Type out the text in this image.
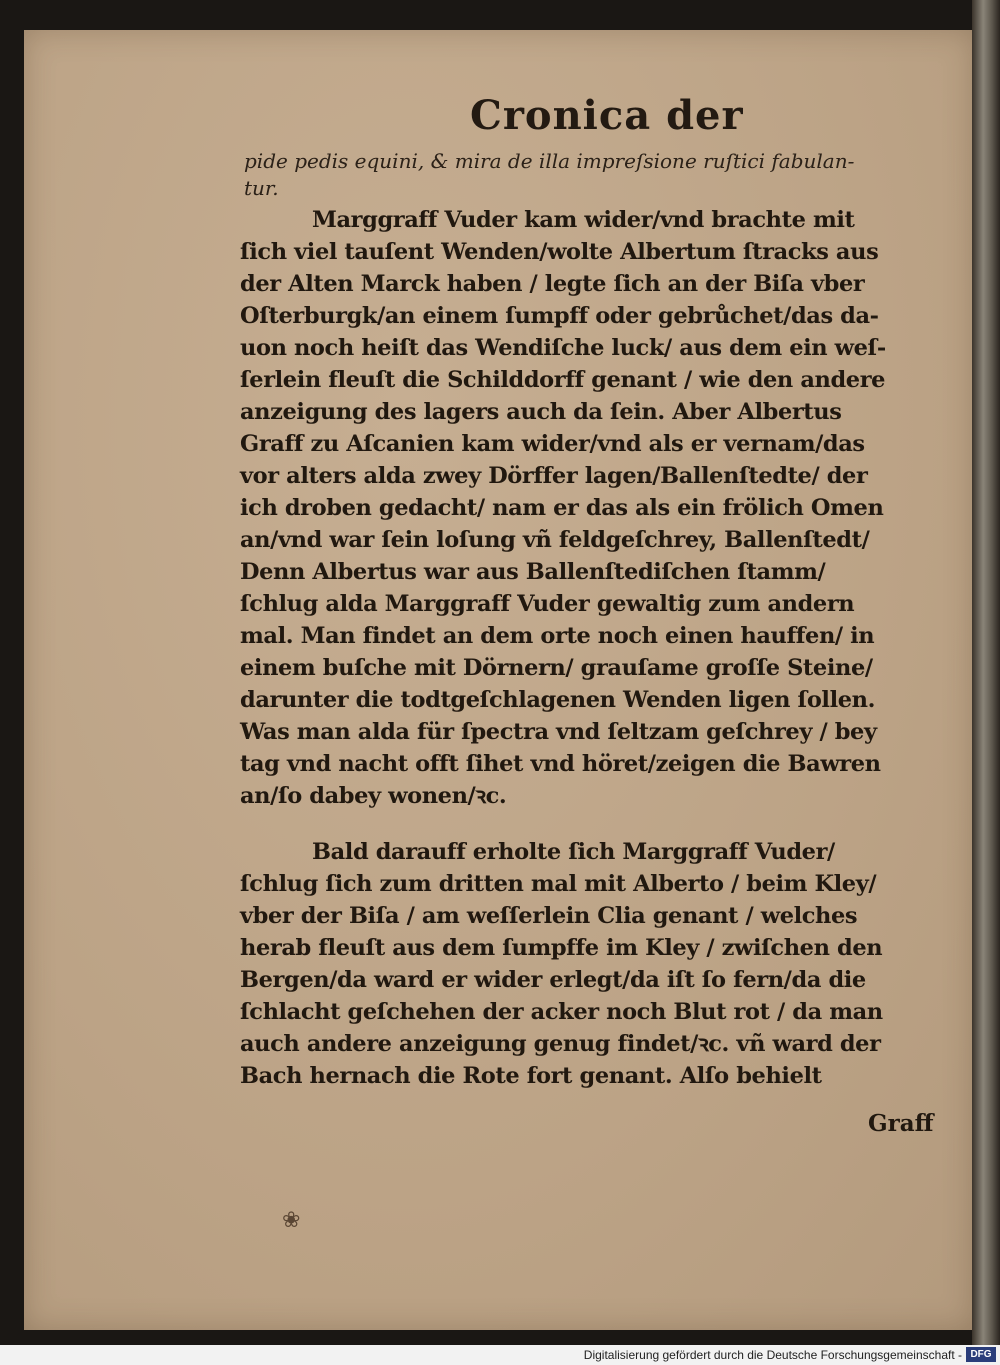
Cronica der
pide pedis equini, & mira de illa impreſsione ruſtici fabulan-
tur.
Marggraff Vuder kam wider/vnd brachte mit
ſich viel tauſent Wenden/wolte Albertum ſtracks aus
der Alten Marck haben / legte ſich an der Biſa vber
Oſterburgk/an einem ſumpff oder gebrůchet/das da-
uon noch heiſt das Wendiſche luck/ aus dem ein weſ-
ſerlein fleuſt die Schilddorff genant / wie den andere
anzeigung des lagers auch da ſein. Aber Albertus
Graff zu Aſcanien kam wider/vnd als er vernam/das
vor alters alda zwey Dörffer lagen/Ballenſtedte/ der
ich droben gedacht/ nam er das als ein frölich Omen
an/vnd war ſein loſung vñ feldgeſchrey, Ballenſtedt/
Denn Albertus war aus Ballenſtediſchen ſtamm/
ſchlug alda Marggraff Vuder gewaltig zum andern
mal. Man findet an dem orte noch einen hauffen/ in
einem buſche mit Dörnern/ grauſame groſſe Steine/
darunter die todtgeſchlagenen Wenden ligen ſollen.
Was man alda für ſpectra vnd ſeltzam geſchrey / bey
tag vnd nacht offt ſihet vnd höret/zeigen die Bawren
an/ſo dabey wonen/ꝛc.
Bald darauff erholte ſich Marggraff Vuder/
ſchlug ſich zum dritten mal mit Alberto / beim Kley/
vber der Biſa / am weſſerlein Clia genant / welches
herab fleuſt aus dem ſumpffe im Kley / zwiſchen den
Bergen/da ward er wider erlegt/da iſt ſo fern/da die
ſchlacht geſchehen der acker noch Blut rot / da man
auch andere anzeigung genug findet/ꝛc. vñ ward der
Bach hernach die Rote fort genant. Alſo behielt
Graff
❀
Digitalisierung gefördert durch die Deutsche Forschungsgemeinschaft - DFG
